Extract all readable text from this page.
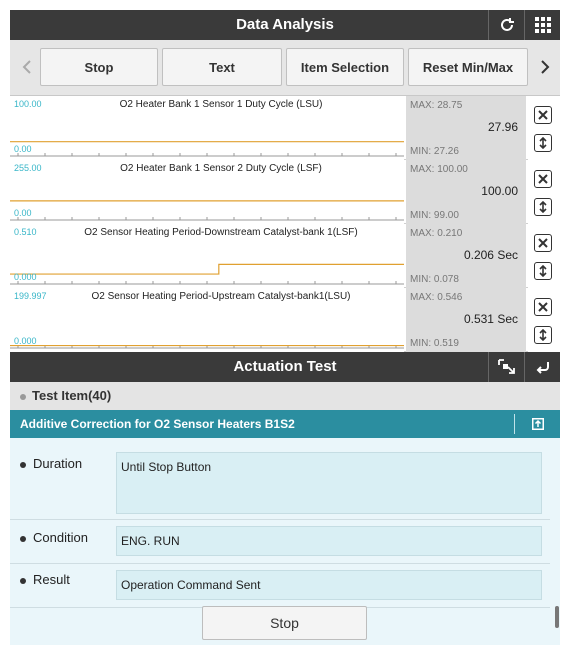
Data Analysis
Stop	Text	Item Selection	Reset Min/Max
100.00	O2 Heater Bank 1 Sensor 1 Duty Cycle (LSU)
0.00
MAX: 28.75
27.96
MIN: 27.26
255.00	O2 Heater Bank 1 Sensor 2 Duty Cycle (LSF)
0.00
MAX: 100.00
100.00
MIN: 99.00
0.510	O2 Sensor Heating Period-Downstream Catalyst-bank 1(LSF)
0.000
MAX: 0.210
0.206 Sec
MIN: 0.078
199.997	O2 Sensor Heating Period-Upstream Catalyst-bank1(LSU)
0.000
MAX: 0.546
0.531 Sec
MIN: 0.519
Actuation Test
Test Item(40)
Additive Correction for O2 Sensor Heaters B1S2
Duration	Until Stop Button
Condition	ENG. RUN
Result	Operation Command Sent
Stop
